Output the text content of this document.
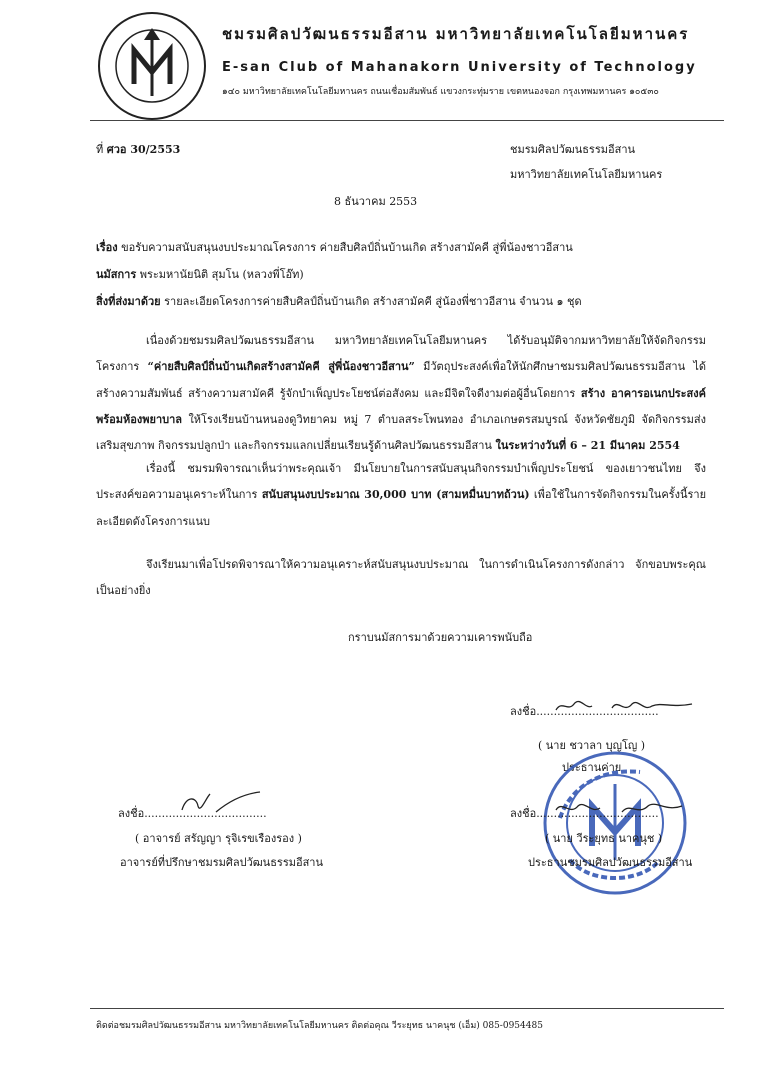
ชมรมศิลปวัฒนธรรมอีสาน มหาวิทยาลัยเทคโนโลยีมหานคร
E-san Club of Mahanakorn University of Technology
๑๔๐ มหาวิทยาลัยเทคโนโลยีมหานคร ถนนเชื่อมสัมพันธ์ แขวงกระทุ่มราย เขตหนองจอก กรุงเทพมหานคร ๑๐๕๓๐
ที่ ศวอ 30/2553	ชมรมศิลปวัฒนธรรมอีสาน
มหาวิทยาลัยเทคโนโลยีมหานคร
8 ธันวาคม 2553
เรื่อง ขอรับความสนับสนุนงบประมาณโครงการ ค่ายสืบศิลป์ถิ่นบ้านเกิด สร้างสามัคคี สู่พี่น้องชาวอีสาน
นมัสการ พระมหานัยนิติ สุมโน (หลวงพี่โอ๊ท)
สิ่งที่ส่งมาด้วย รายละเอียดโครงการค่ายสืบศิลป์ถิ่นบ้านเกิด สร้างสามัคคี สู่น้องพี่ชาวอีสาน จำนวน ๑ ชุด
เนื่องด้วยชมรมศิลปวัฒนธรรมอีสาน มหาวิทยาลัยเทคโนโลยีมหานคร ได้รับอนุมัติจากมหาวิทยาลัยให้จัดกิจกรรม โครงการ “ค่ายสืบศิลป์ถิ่นบ้านเกิดสร้างสามัคคี สู่พี่น้องชาวอีสาน” มีวัตถุประสงค์เพื่อให้นักศึกษาชมรมศิลปวัฒนธรรมอีสาน ได้สร้างความสัมพันธ์ สร้างความสามัคคี รู้จักบำเพ็ญประโยชน์ต่อสังคม และมีจิตใจดีงามต่อผู้อื่นโดยการ สร้าง อาคารอเนกประสงค์พร้อมห้องพยาบาล ให้โรงเรียนบ้านหนองดูวิทยาคม หมู่ 7 ตำบลสระโพนทอง อำเภอเกษตรสมบูรณ์ จังหวัดชัยภูมิ จัดกิจกรรมส่งเสริมสุขภาพ กิจกรรมปลูกป่า และกิจกรรมแลกเปลี่ยนเรียนรู้ด้านศิลปวัฒนธรรมอีสาน ในระหว่างวันที่ 6 – 21 มีนาคม 2554
เรื่องนี้ ชมรมพิจารณาเห็นว่าพระคุณเจ้า มีนโยบายในการสนับสนุนกิจกรรมบำเพ็ญประโยชน์ ของเยาวชนไทย จึงประสงค์ขอความอนุเคราะห์ในการ สนับสนุนงบประมาณ 30,000 บาท (สามหมื่นบาทถ้วน) เพื่อใช้ในการจัดกิจกรรมในครั้งนี้รายละเอียดดังโครงการแนบ
จึงเรียนมาเพื่อโปรดพิจารณาให้ความอนุเคราะห์สนับสนุนงบประมาณ ในการดำเนินโครงการดังกล่าว จักขอบพระคุณเป็นอย่างยิ่ง
กราบนมัสการมาด้วยความเคารพนับถือ
ลงชื่อ...................................
( นาย ชวาลา บุญโญ )
ประธานค่าย
ลงชื่อ...................................
( อาจารย์ สรัญญา รุจิเรขเรืองรอง )
อาจารย์ที่ปรึกษาชมรมศิลปวัฒนธรรมอีสาน
ลงชื่อ...................................
( นาย วีระยุทธ นาคนุช )
ประธานชมรมศิลปวัฒนธรรมอีสาน
ติดต่อชมรมศิลปวัฒนธรรมอีสาน มหาวิทยาลัยเทคโนโลยีมหานคร ติดต่อคุณ วีระยุทธ นาคนุช (เอ็ม) 085-0954485
